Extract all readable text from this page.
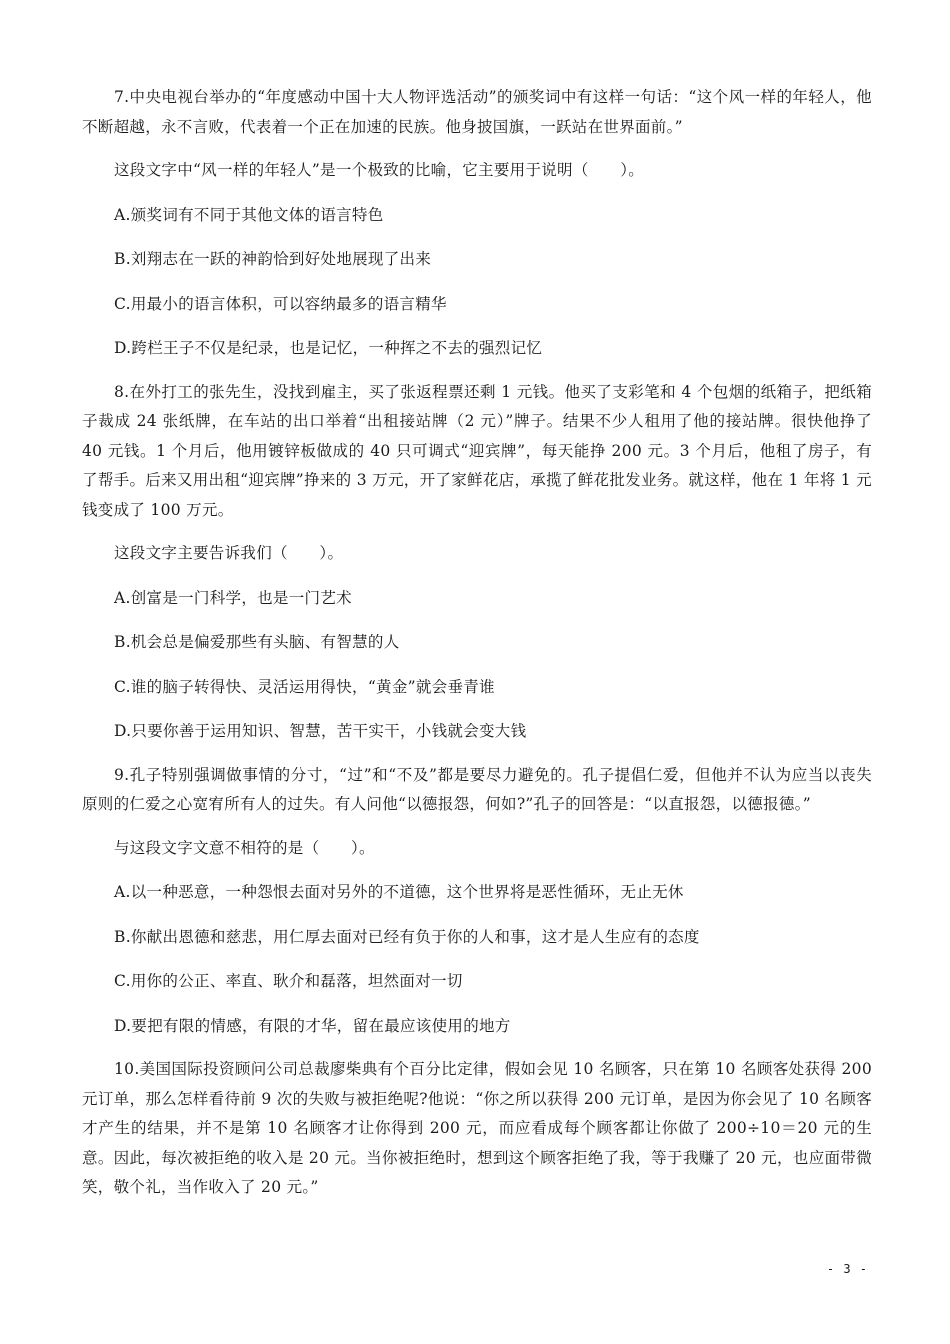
7.中央电视台举办的“年度感动中国十大人物评选活动”的颁奖词中有这样一句话：“这个风一样的年轻人，他不断超越，永不言败，代表着一个正在加速的民族。他身披国旗，一跃站在世界面前。”

这段文字中“风一样的年轻人”是一个极致的比喻，它主要用于说明（　　）。

A.颁奖词有不同于其他文体的语言特色

B.刘翔志在一跃的神韵恰到好处地展现了出来

C.用最小的语言体积，可以容纳最多的语言精华

D.跨栏王子不仅是纪录，也是记忆，一种挥之不去的强烈记忆

8.在外打工的张先生，没找到雇主，买了张返程票还剩 1 元钱。他买了支彩笔和 4 个包烟的纸箱子，把纸箱子裁成 24 张纸牌，在车站的出口举着“出租接站牌（2 元）”牌子。结果不少人租用了他的接站牌。很快他挣了 40 元钱。1 个月后，他用镀锌板做成的 40 只可调式“迎宾牌”，每天能挣 200 元。3 个月后，他租了房子，有了帮手。后来又用出租“迎宾牌”挣来的 3 万元，开了家鲜花店，承揽了鲜花批发业务。就这样，他在 1 年将 1 元钱变成了 100 万元。

这段文字主要告诉我们（　　）。

A.创富是一门科学，也是一门艺术

B.机会总是偏爱那些有头脑、有智慧的人

C.谁的脑子转得快、灵活运用得快，“黄金”就会垂青谁

D.只要你善于运用知识、智慧，苦干实干，小钱就会变大钱

9.孔子特别强调做事情的分寸，“过”和“不及”都是要尽力避免的。孔子提倡仁爱，但他并不认为应当以丧失原则的仁爱之心宽宥所有人的过失。有人问他“以德报怨，何如?”孔子的回答是：“以直报怨，以德报德。”

与这段文字文意不相符的是（　　）。

A.以一种恶意，一种怨恨去面对另外的不道德，这个世界将是恶性循环，无止无休

B.你献出恩德和慈悲，用仁厚去面对已经有负于你的人和事，这才是人生应有的态度

C.用你的公正、率直、耿介和磊落，坦然面对一切

D.要把有限的情感，有限的才华，留在最应该使用的地方

10.美国国际投资顾问公司总裁廖柴典有个百分比定律，假如会见 10 名顾客，只在第 10 名顾客处获得 200 元订单，那么怎样看待前 9 次的失败与被拒绝呢?他说：“你之所以获得 200 元订单，是因为你会见了 10 名顾客才产生的结果，并不是第 10 名顾客才让你得到 200 元，而应看成每个顾客都让你做了 200÷10＝20 元的生意。因此，每次被拒绝的收入是 20 元。当你被拒绝时，想到这个顾客拒绝了我，等于我赚了 20 元，也应面带微笑，敬个礼，当作收入了 20 元。”

- 3 -
